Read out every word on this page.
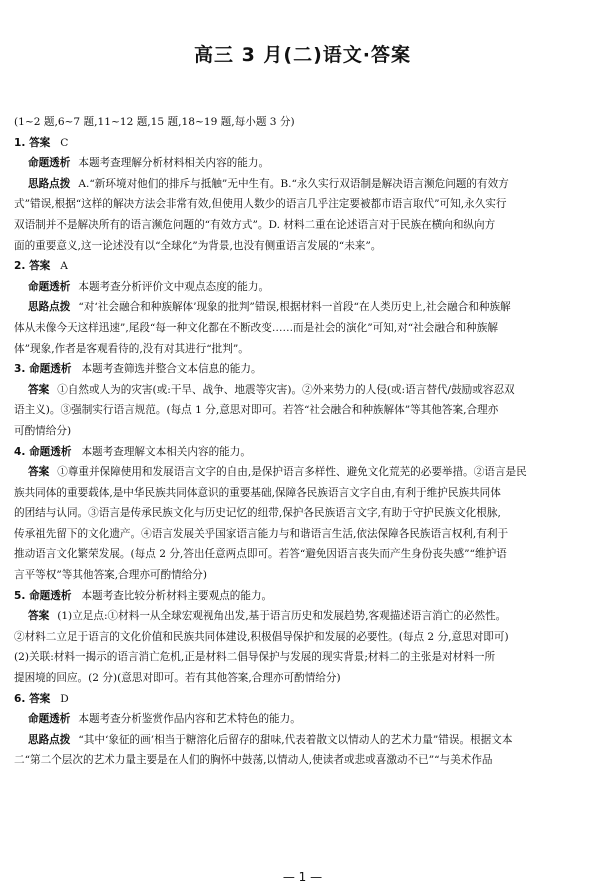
高三 3 月(二)语文·答案
(1~2 题,6~7 题,11~12 题,15 题,18~19 题,每小题 3 分)
1. 答案 C
命题透析 本题考查理解分析材料相关内容的能力。
思路点拨 A.“新环境对他们的排斥与抵触”无中生有。B.“永久实行双语制是解决语言濒危问题的有效方
式”错误,根据“这样的解决方法会非常有效,但使用人数少的语言几乎注定要被都市语言取代”可知,永久实行
双语制并不是解决所有的语言濒危问题的“有效方式”。D. 材料二重在论述语言对于民族在横向和纵向方
面的重要意义,这一论述没有以“全球化”为背景,也没有侧重语言发展的“未来”。
2. 答案 A
命题透析 本题考查分析评价文中观点态度的能力。
思路点拨 “对‘社会融合和种族解体’现象的批判”错误,根据材料一首段“在人类历史上,社会融合和种族解
体从未像今天这样迅速”,尾段“每一种文化都在不断改变……而是社会的演化”可知,对“社会融合和种族解
体”现象,作者是客观看待的,没有对其进行“批判”。
3. 命题透析 本题考查筛选并整合文本信息的能力。
答案 ①自然或人为的灾害(或:干旱、战争、地震等灾害)。②外来势力的人侵(或:语言替代/鼓励或容忍双
语主义)。③强制实行语言规范。(每点 1 分,意思对即可。若答“社会融合和种族解体”等其他答案,合理亦
可酌情给分)
4. 命题透析 本题考查理解文本相关内容的能力。
答案 ①尊重并保障使用和发展语言文字的自由,是保护语言多样性、避免文化荒芜的必要举措。②语言是民
族共同体的重要载体,是中华民族共同体意识的重要基础,保障各民族语言文字自由,有利于维护民族共同体
的团结与认同。③语言是传承民族文化与历史记忆的纽带,保护各民族语言文字,有助于守护民族文化根脉,
传承祖先留下的文化遗产。④语言发展关乎国家语言能力与和谐语言生活,依法保障各民族语言权利,有利于
推动语言文化繁荣发展。(每点 2 分,答出任意两点即可。若答“避免因语言丧失而产生身份丧失感”“维护语
言平等权”等其他答案,合理亦可酌情给分)
5. 命题透析 本题考查比较分析材料主要观点的能力。
答案 (1)立足点:①材料一从全球宏观视角出发,基于语言历史和发展趋势,客观描述语言消亡的必然性。
②材料二立足于语言的文化价值和民族共同体建设,积极倡导保护和发展的必要性。(每点 2 分,意思对即可)
(2)关联:材料一揭示的语言消亡危机,正是材料二倡导保护与发展的现实背景;材料二的主张是对材料一所
提困境的回应。(2 分)(意思对即可。若有其他答案,合理亦可酌情给分)
6. 答案 D
命题透析 本题考查分析鉴赏作品内容和艺术特色的能力。
思路点拨 “其中‘象征的画’相当于糖溶化后留存的甜味,代表着散文以情动人的艺术力量”错误。根据文本
二“第二个层次的艺术力量主要是在人们的胸怀中鼓荡,以情动人,使读者或悲或喜激动不已”“与美术作品
— 1 —
